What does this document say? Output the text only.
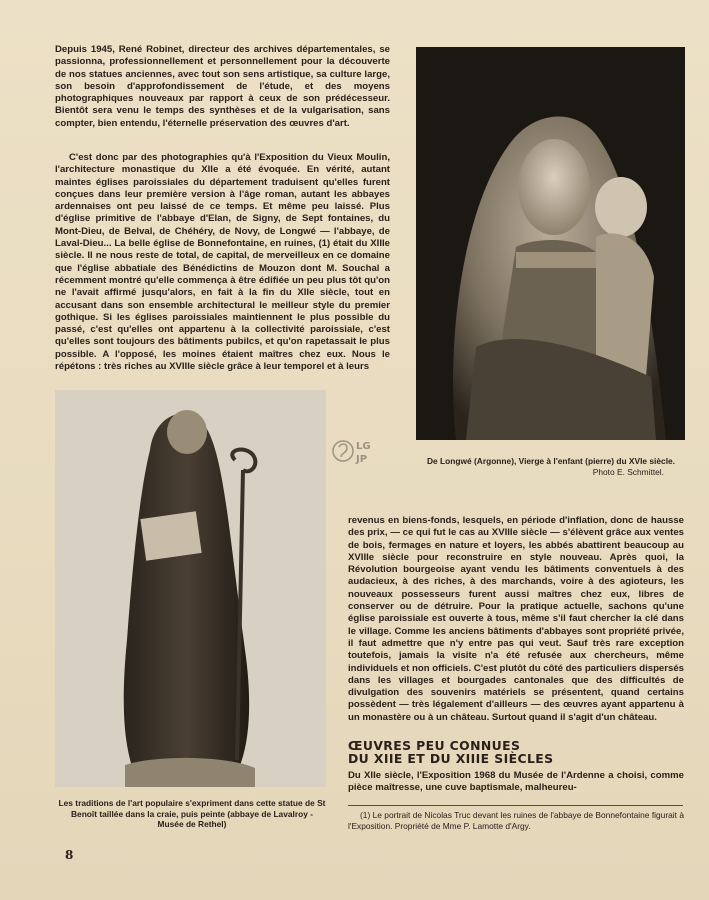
Depuis 1945, René Robinet, directeur des archives départementales, se passionna, professionnellement et personnellement pour la découverte de nos statues anciennes, avec tout son sens artistique, sa culture large, son besoin d'approfondissement de l'étude, et des moyens photographiques nouveaux par rapport à ceux de son prédécesseur. Bientôt sera venu le temps des synthèses et de la vulgarisation, sans compter, bien entendu, l'éternelle préservation des œuvres d'art.

C'est donc par des photographies qu'à l'Exposition du Vieux Moulin, l'architecture monastique du XIIe a été évoquée. En vérité, autant maintes églises paroissiales du département traduisent qu'elles furent conçues dans leur première version à l'âge roman, autant les abbayes ardennaises ont peu laissé de ce temps. Et même peu laissé. Plus d'église primitive de l'abbaye d'Elan, de Signy, de Sept fontaines, du Mont-Dieu, de Belval, de Chéhéry, de Novy, de Longwé — l'abbaye, de Laval-Dieu... La belle église de Bonnefontaine, en ruines, (1) était du XIIIe siècle. Il ne nous reste de total, de capital, de merveilleux en ce domaine que l'église abbatiale des Bénédictins de Mouzon dont M. Souchal a récemment montré qu'elle commença à être édifiée un peu plus tôt qu'on ne l'avait affirmé jusqu'alors, en fait à la fin du XIIe siècle, tout en accusant dans son ensemble architectural le meilleur style du premier gothique. Si les églises paroissiales maintiennent le plus possible du passé, c'est qu'elles ont appartenu à la collectivité paroissiale, c'est qu'elles sont toujours des bâtiments pubilcs, et qu'on rapetassait le plus possible. A l'opposé, les moines étaient maîtres chez eux. Nous le répétons : très riches au XVIIIe siècle grâce à leur temporel et à leurs

De Longwé (Argonne), Vierge à l'enfant (pierre) du XVIe siècle.
Photo E. Schmittel.

LG
JP

Les traditions de l'art populaire s'expriment dans cette statue de St Benoît taillée dans la craie, puis peinte (abbaye de Lavalroy - Musée de Rethel)

revenus en biens-fonds, lesquels, en période d'inflation, donc de hausse des prix, — ce qui fut le cas au XVIIIe siècle — s'élèvent grâce aux ventes de bois, fermages en nature et loyers, les abbés abattirent beaucoup au XVIIIe siècle pour reconstruire en style nouveau. Après quoi, la Révolution bourgeoise ayant vendu les bâtiments conventuels à des audacieux, à des riches, à des marchands, voire à des agioteurs, les nouveaux possesseurs furent aussi maîtres chez eux, libres de conserver ou de détruire. Pour la pratique actuelle, sachons qu'une église paroissiale est ouverte à tous, même s'il faut chercher la clé dans le village. Comme les anciens bâtiments d'abbayes sont propriété privée, il faut admettre que n'y entre pas qui veut. Sauf très rare exception toutefois, jamais la visite n'a été refusée aux chercheurs, même individuels et non officiels. C'est plutôt du côté des particuliers dispersés dans les villages et bourgades cantonales que des difficultés de divulgation des souvenirs matériels se présentent, quand certains possèdent — très légalement d'ailleurs — des œuvres ayant appartenu à un monastère ou à un château. Surtout quand il s'agit d'un château.

ŒUVRES PEU CONNUES
DU XIIE ET DU XIIIE SIÈCLES

Du XIIe siècle, l'Exposition 1968 du Musée de l'Ardenne a choisi, comme pièce maîtresse, une cuve baptismale, malheureu-

(1) Le portrait de Nicolas Truc devant les ruines de l'abbaye de Bonnefontaine figurait à l'Exposition. Propriété de Mme P. Lamotte d'Argy.

8
